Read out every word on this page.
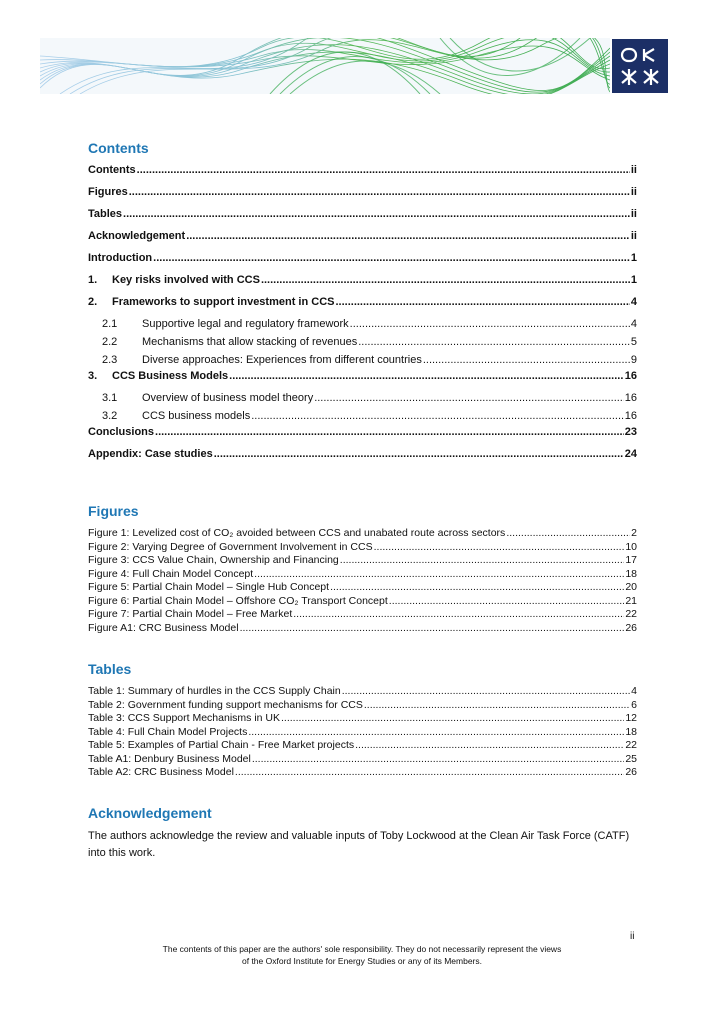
Contents
Contents .....	ii
Figures .....	ii
Tables .....	ii
Acknowledgement .....	ii
Introduction .....	1
1. Key risks involved with CCS .....	1
2. Frameworks to support investment in CCS .....	4
2.1 Supportive legal and regulatory framework .....	4
2.2 Mechanisms that allow stacking of revenues .....	5
2.3 Diverse approaches: Experiences from different countries .....	9
3. CCS Business Models .....	16
3.1 Overview of business model theory .....	16
3.2 CCS business models .....	16
Conclusions .....	23
Appendix: Case studies .....	24
Figures
Figure 1: Levelized cost of CO₂ avoided between CCS and unabated route across sectors .....	2
Figure 2: Varying Degree of Government Involvement in CCS .....	10
Figure 3: CCS Value Chain, Ownership and Financing .....	17
Figure 4: Full Chain Model Concept .....	18
Figure 5: Partial Chain Model – Single Hub Concept .....	20
Figure 6: Partial Chain Model – Offshore CO₂ Transport Concept .....	21
Figure 7: Partial Chain Model – Free Market .....	22
Figure A1: CRC Business Model .....	26
Tables
Table 1: Summary of hurdles in the CCS Supply Chain .....	4
Table 2: Government funding support mechanisms for CCS .....	6
Table 3: CCS Support Mechanisms in UK .....	12
Table 4: Full Chain Model Projects .....	18
Table 5: Examples of Partial Chain - Free Market projects .....	22
Table A1: Denbury Business Model .....	25
Table A2: CRC Business Model .....	26
Acknowledgement
The authors acknowledge the review and valuable inputs of Toby Lockwood at the Clean Air Task Force (CATF) into this work.
ii
The contents of this paper are the authors' sole responsibility. They do not necessarily represent the views
of the Oxford Institute for Energy Studies or any of its Members.
